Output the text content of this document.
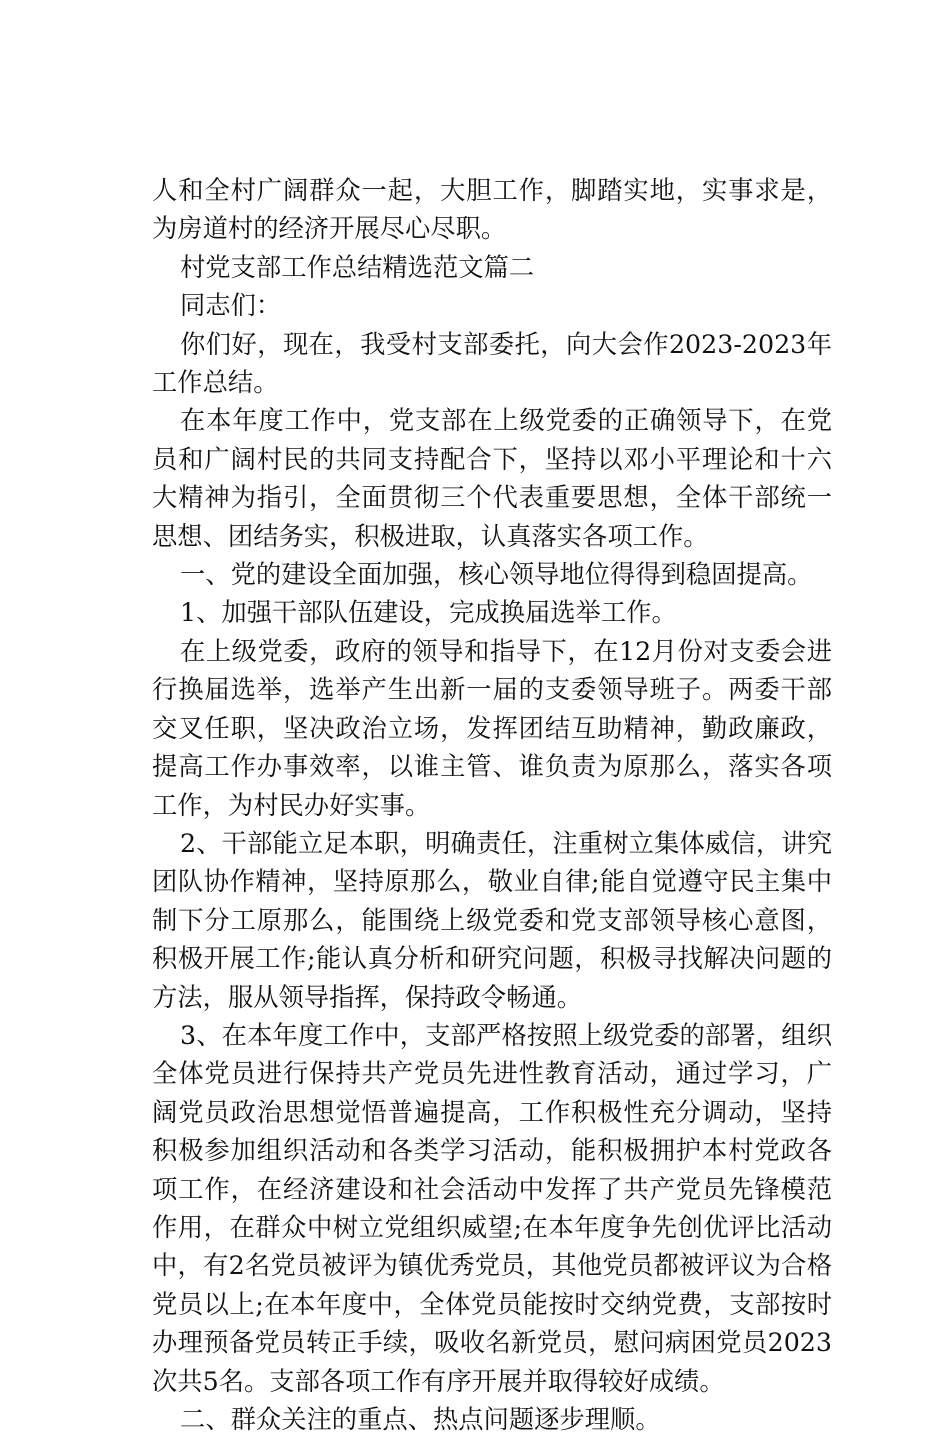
人和全村广阔群众一起，大胆工作，脚踏实地，实事求是，为房道村的经济开展尽心尽职。

村党支部工作总结精选范文篇二

同志们：

你们好，现在，我受村支部委托，向大会作2023-2023年工作总结。

在本年度工作中，党支部在上级党委的正确领导下，在党员和广阔村民的共同支持配合下，坚持以邓小平理论和十六大精神为指引，全面贯彻三个代表重要思想，全体干部统一思想、团结务实，积极进取，认真落实各项工作。

一、党的建设全面加强，核心领导地位得得到稳固提高。

1、加强干部队伍建设，完成换届选举工作。

在上级党委，政府的领导和指导下，在12月份对支委会进行换届选举，选举产生出新一届的支委领导班子。两委干部交叉任职，坚决政治立场，发挥团结互助精神，勤政廉政，提高工作办事效率，以谁主管、谁负责为原那么，落实各项工作，为村民办好实事。

2、干部能立足本职，明确责任，注重树立集体威信，讲究团队协作精神，坚持原那么，敬业自律;能自觉遵守民主集中制下分工原那么，能围绕上级党委和党支部领导核心意图，积极开展工作;能认真分析和研究问题，积极寻找解决问题的方法，服从领导指挥，保持政令畅通。

3、在本年度工作中，支部严格按照上级党委的部署，组织全体党员进行保持共产党员先进性教育活动，通过学习，广阔党员政治思想觉悟普遍提高，工作积极性充分调动，坚持积极参加组织活动和各类学习活动，能积极拥护本村党政各项工作，在经济建设和社会活动中发挥了共产党员先锋模范作用，在群众中树立党组织威望;在本年度争先创优评比活动中，有2名党员被评为镇优秀党员，其他党员都被评议为合格党员以上;在本年度中，全体党员能按时交纳党费，支部按时办理预备党员转正手续，吸收名新党员，慰问病困党员2023次共5名。支部各项工作有序开展并取得较好成绩。

二、群众关注的重点、热点问题逐步理顺。
